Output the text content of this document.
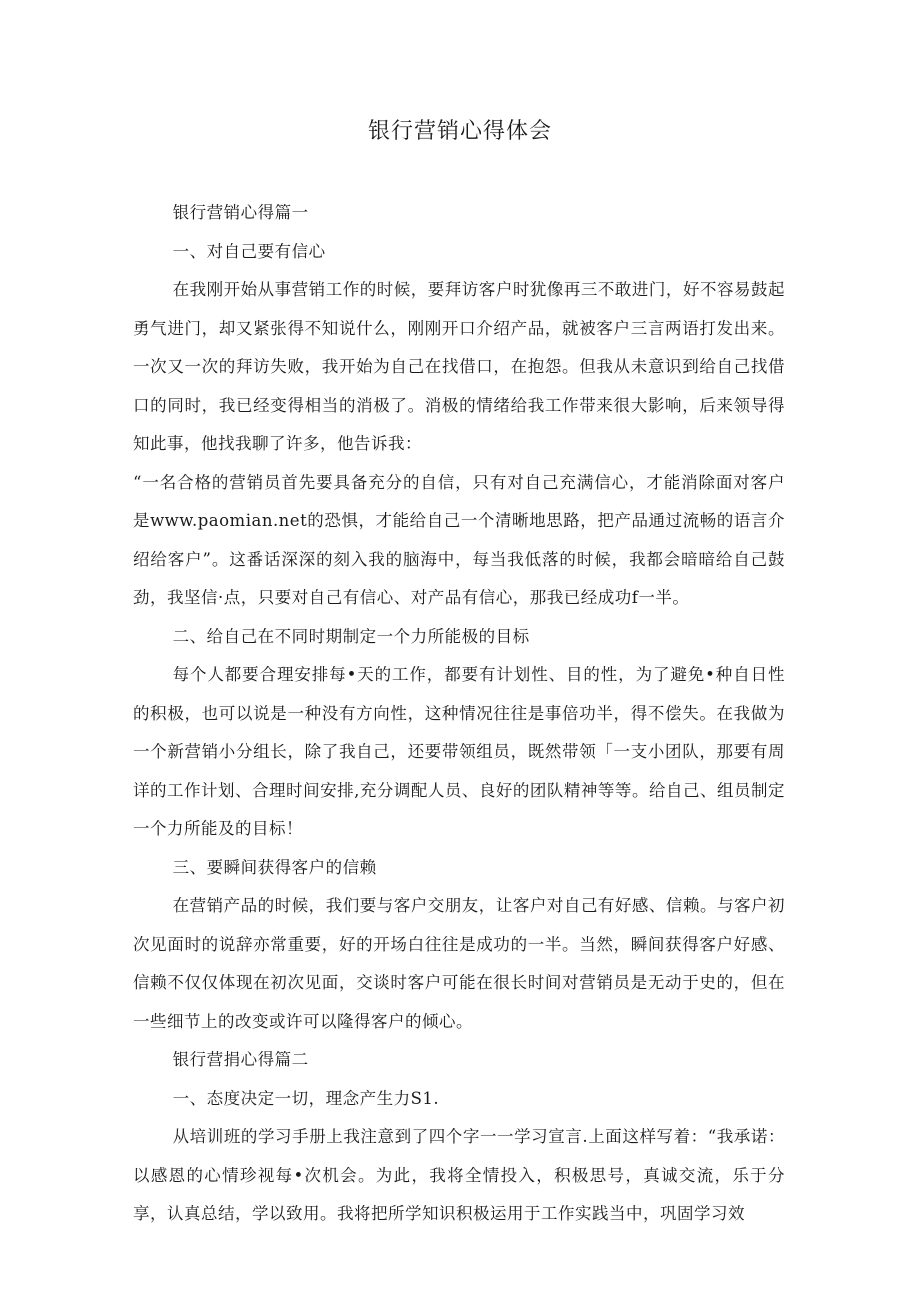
银行营销心得体会

银行营销心得篇一

一、对自己要有信心

在我刚开始从事营销工作的时候，要拜访客户时犹像再三不敢进门，好不容易鼓起勇气进门，却又紧张得不知说什么，刚刚开口介绍产品，就被客户三言两语打发出来。一次又一次的拜访失败，我开始为自己在找借口，在抱怨。但我从未意识到给自己找借口的同时，我已经变得相当的消极了。消极的情绪给我工作带来很大影响，后来领导得知此事，他找我聊了许多，他告诉我：

“一名合格的营销员首先要具备充分的自信，只有对自己充满信心，才能消除面对客户是www.paomian.net的恐惧，才能给自己一个清晰地思路，把产品通过流畅的语言介绍给客户”。这番话深深的刻入我的脑海中，每当我低落的时候，我都会暗暗给自己鼓劲，我坚信·点，只要对自己有信心、对产品有信心，那我已经成功f一半。

二、给自己在不同时期制定一个力所能极的目标

每个人都要合理安排每•天的工作，都要有计划性、目的性，为了避免•种自日性的积极，也可以说是一种没有方向性，这种情况往往是事倍功半，得不偿失。在我做为一个新营销小分组长，除了我自己，还要带领组员，既然带领「一支小团队，那要有周详的工作计划、合理时间安排,充分调配人员、良好的团队精神等等。给自己、组员制定一个力所能及的目标！

三、要瞬间获得客户的信赖

在营销产品的时候，我们要与客户交朋友，让客户对自己有好感、信赖。与客户初次见面时的说辞亦常重要，好的开场白往往是成功的一半。当然，瞬间获得客户好感、信赖不仅仅体现在初次见面，交谈时客户可能在很长时间对营销员是无动于史的，但在一些细节上的改变或许可以隆得客户的倾心。

银行营捐心得篇二

一、态度决定一切，理念产生力S1.

从培训班的学习手册上我注意到了四个字一一学习宣言.上面这样写着：“我承诺：以感恩的心情珍视每•次机会。为此，我将全情投入，积极思号，真诚交流，乐于分享，认真总结，学以致用。我将把所学知识积极运用于工作实践当中，巩固学习效
